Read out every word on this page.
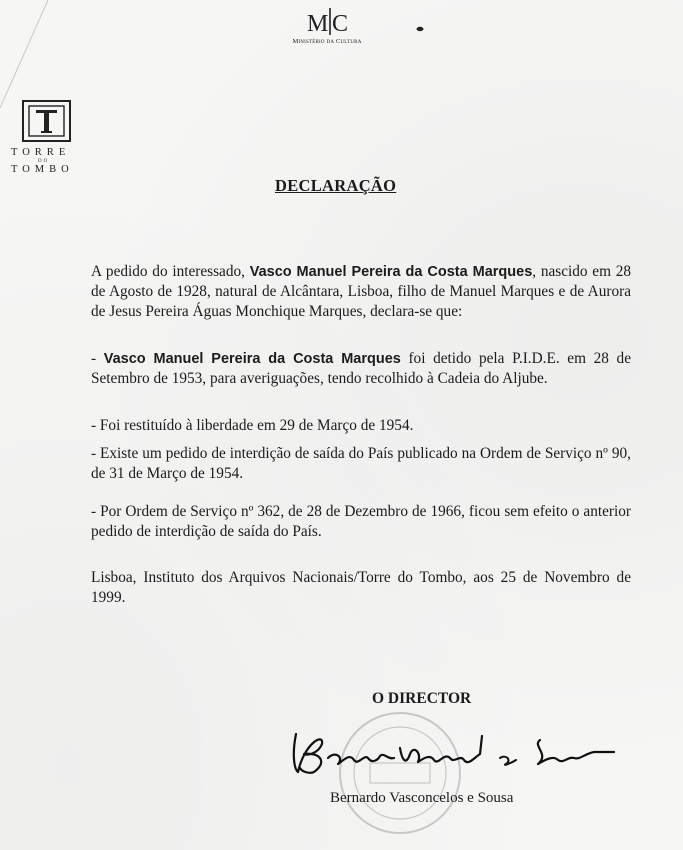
M C
Ministério da Cultura
TORRE
DO
TOMBO
DECLARAÇÃO

A pedido do interessado, Vasco Manuel Pereira da Costa Marques, nascido em 28 de Agosto de 1928, natural de Alcântara, Lisboa, filho de Manuel Marques e de Aurora de Jesus Pereira Águas Monchique Marques, declara-se que:

- Vasco Manuel Pereira da Costa Marques foi detido pela P.I.D.E. em 28 de Setembro de 1953, para averiguações, tendo recolhido à Cadeia do Aljube.

- Foi restituído à liberdade em 29 de Março de 1954.

- Existe um pedido de interdição de saída do País publicado na Ordem de Serviço nº 90, de 31 de Março de 1954.

- Por Ordem de Serviço nº 362, de 28 de Dezembro de 1966, ficou sem efeito o anterior pedido de interdição de saída do País.

Lisboa, Instituto dos Arquivos Nacionais/Torre do Tombo, aos 25 de Novembro de 1999.

O DIRECTOR

Bernardo Vasconcelos e Sousa
